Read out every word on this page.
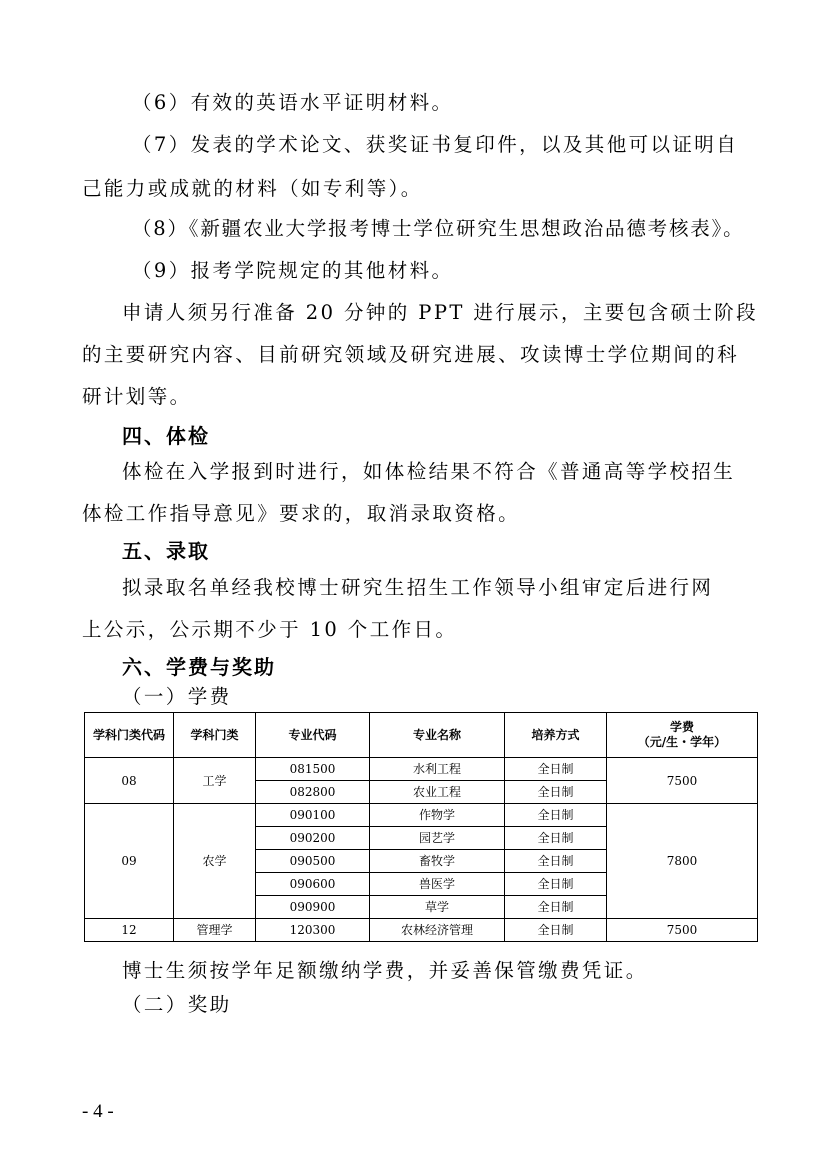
（6）有效的英语水平证明材料。
（7）发表的学术论文、获奖证书复印件，以及其他可以证明自
己能力或成就的材料（如专利等）。
（8）《新疆农业大学报考博士学位研究生思想政治品德考核表》。
（9）报考学院规定的其他材料。
申请人须另行准备 20 分钟的 PPT 进行展示，主要包含硕士阶段
的主要研究内容、目前研究领域及研究进展、攻读博士学位期间的科
研计划等。
四、体检
体检在入学报到时进行，如体检结果不符合《普通高等学校招生
体检工作指导意见》要求的，取消录取资格。
五、录取
拟录取名单经我校博士研究生招生工作领导小组审定后进行网
上公示，公示期不少于 10 个工作日。
六、学费与奖助
（一）学费
学科门类代码	学科门类	专业代码	专业名称	培养方式	学费
（元/生・学年）

08	工学	081500	水利工程	全日制	7500
		082800	农业工程	全日制	
09	农学	090100	作物学	全日制	7800
		090200	园艺学	全日制	
		090500	畜牧学	全日制	
		090600	兽医学	全日制	
		090900	草学	全日制	
12	管理学	120300	农林经济管理	全日制	7500
博士生须按学年足额缴纳学费，并妥善保管缴费凭证。
（二）奖助
- 4 -
